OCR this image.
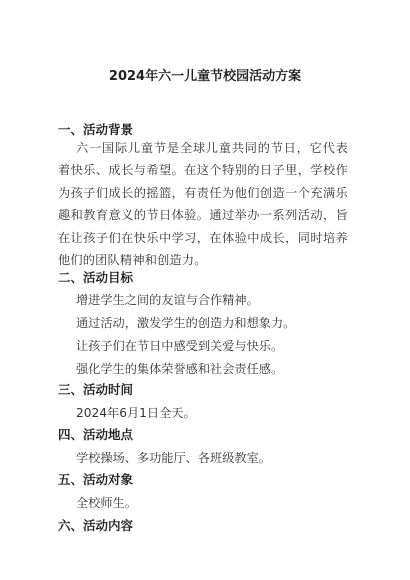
2024年六一儿童节校园活动方案

一、活动背景

六一国际儿童节是全球儿童共同的节日，它代表着快乐、成长与希望。在这个特别的日子里，学校作为孩子们成长的摇篮，有责任为他们创造一个充满乐趣和教育意义的节日体验。通过举办一系列活动，旨在让孩子们在快乐中学习，在体验中成长，同时培养他们的团队精神和创造力。

二、活动目标

增进学生之间的友谊与合作精神。

通过活动，激发学生的创造力和想象力。

让孩子们在节日中感受到关爱与快乐。

强化学生的集体荣誉感和社会责任感。

三、活动时间

2024年6月1日全天。

四、活动地点

学校操场、多功能厅、各班级教室。

五、活动对象

全校师生。

六、活动内容
